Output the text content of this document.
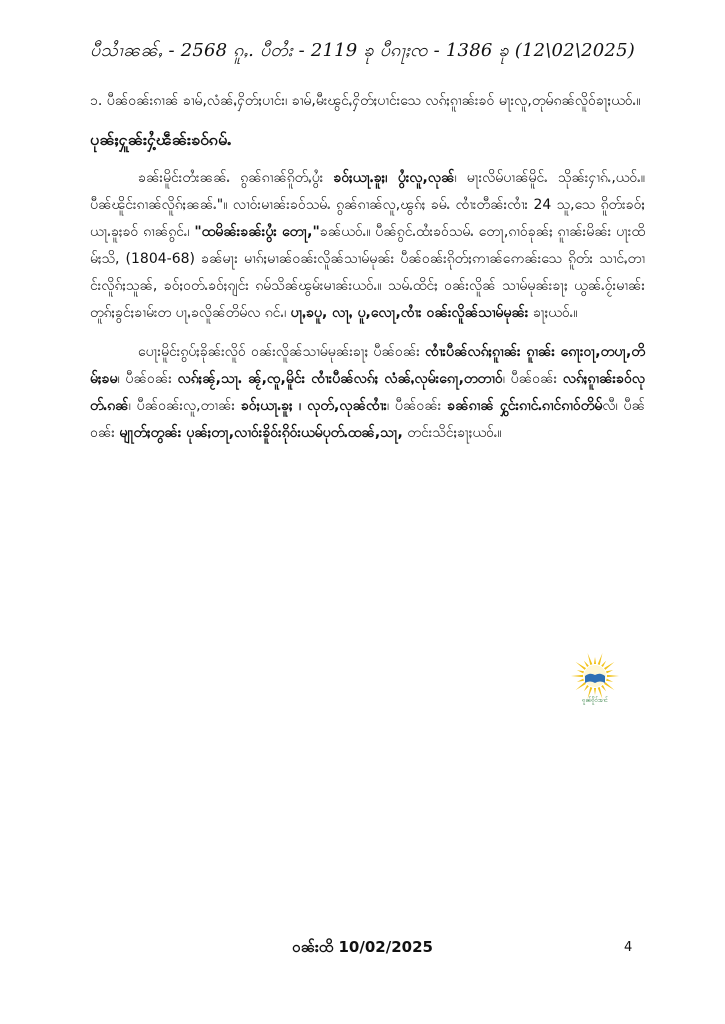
ပီသၢႆၼၼ်ႇ - 2568 ၵူႇ. ပီတႆး - 2119 ၶု ပီၵႃႈၸ - 1386 ၶု (12\02\2025)

၁. ပီၼ်ဝၼ်းၵၢၼ် ၶၢမ်,လံၼ်ႇႁိတ်ႈပၢင်း၊ ၶၢမ်,မီးၽွင်ႇႁိတ်ႈပၢင်းသေ လၵ်ႈၵူၢၼ်းၶဝ် မႃးလူ,တုမ်ၵၼ်လိူဝ်ၶႃႈယဝ်ႉ။

ပုၼ်ႈႁူၼ်းႁႆ့ၽဵၼ်းၶဝ်ၵမ်ႉ

ၶၼ်းမိူင်းတႆးၼၼ်ႉ ၵွၼ်ၵၢၼ်ၵိူတ်ႇပွႆး ၶဝ်ႈယႃႉၶူႈ၊ ပွႆးလူ,လုၼ်၊ မႃးလိမ်ပၢၼ်မိူင်ႉ သိုၼ်းႁၢၵ်ႉ,ယဝ်ႉ။ ပီၼ်ၽိူင်းၵၢၼ်လိူၵ်ႈၼၼ်ႉ"။ လၢဝ်းမၢၼ်းၶဝ်သမ်ႉ ၵွၼ်ၵၢၼ်လူ,ၽွၵ်ႈ ၶမ်ႉ ၸၢႆးတီၼ်းၸၢႆး 24 သူ,သေ ၵိူတ်းၶဝ်ႈယႃႉၶူႈၶဝ် ၵၢၼ်ၵွင်ႉ၊ "ထမိၼ်းၶၼ်းပွႆး တေႃ,"ၶၼ်ယဝ်ႉ။ ပီၼ်ၵွင်ႉထႆးၶဝ်သမ်ႉ တေႃ,ၵၢဝ်ၶုၼ်ႈ ၵူၢၼ်းမိၼ်း ပႃးထိမ်ႈသိ, (1804-68) ၶၼ်မႃး မၢၵ်ႈမၢၼ်ဝၼ်းလိူၼ်သၢမ်မုၼ်း ပီၼ်ဝၼ်းၵိုတ်ႈဢၢၼ်ဢေၼ်းသေ ၵိူတ်း သၢင်ႇတၢင်းလိူၵ်ႈသူၼ်, ၶဝ်ႈဝတ်ႉၶဝ်ႈၵျင်း ၵမ်သိၼ်ၽွမ်းမၢၼ်းယဝ်ႉ။ သမ်ႉထိင်ႈ ဝၼ်းလိူၼ် သၢမ်မုၼ်းၶႃႈ ယွၼ်ႉဝႂ်းမၢၼ်းတူၵ်ႈၶွင်ႈၶၢမ်းတ ပႃႇၶလိူၼ်တိမ်လ ၵင်ႉ၊ ပႃႇၶပူ, လႃႇ ပူ,လေႃ,ၸၢႆး ဝၼ်းလိူၼ်သၢမ်မုၼ်း ၶႃႈယဝ်ႉ။

ပေႃးမိူင်းၵွပ်ႈၶိုၼ်းလိူဝ် ဝၼ်းလိူၼ်သၢမ်မုၼ်းၶႃႈ ပီၼ်ဝၼ်း ၸၢႆးပီၼ်လၵ်ႈၵူၢၼ်း ၵူၢၼ်း ၵေႃးဝႃ,တပႃ,တိမ်ႈၶမ၊ ပီၼ်ဝၼ်း လၵ်ႈၼႂ်,သႃႉ ၼႂ်,ၸူ,မိူင်း ၸၢႆးပီၼ်လၵ်ႈ လံၼ်ႇလုမ်းၵေႃ,တတၢဝ်၊ ပီၼ်ဝၼ်း လၵ်ႈၵူၢၼ်းၶဝ်လုတ်ႉၵၼ်၊ ပီၼ်ဝၼ်းလူ,တၢၼ်း ၶဝ်ႈယႃႉၶူႈ ၊ လုတ်,လုၼ်ၸၢႆး၊ ပီၼ်ဝၼ်း ၶၼ်ၵၢၼ် ႁွင်းၵၢင်ႉၵၢင်ၵၢဝ်တိမ်လီ၊ ပီၼ်ဝၼ်း မျႃတ်ႈတွၼ်း ပုၼ်ႈတႃ,လၢဝ်းၶိူဝ်းၵိုဝ်းယမ်ပုတ်ႉထၼ်,သႃ, တင်းသိင်ႈၶႃႈယဝ်ႉ။

ၵူၼ်ၵိူဝ်းၶၢင်
ဝၼ်းထိ 10/02/2025	4
